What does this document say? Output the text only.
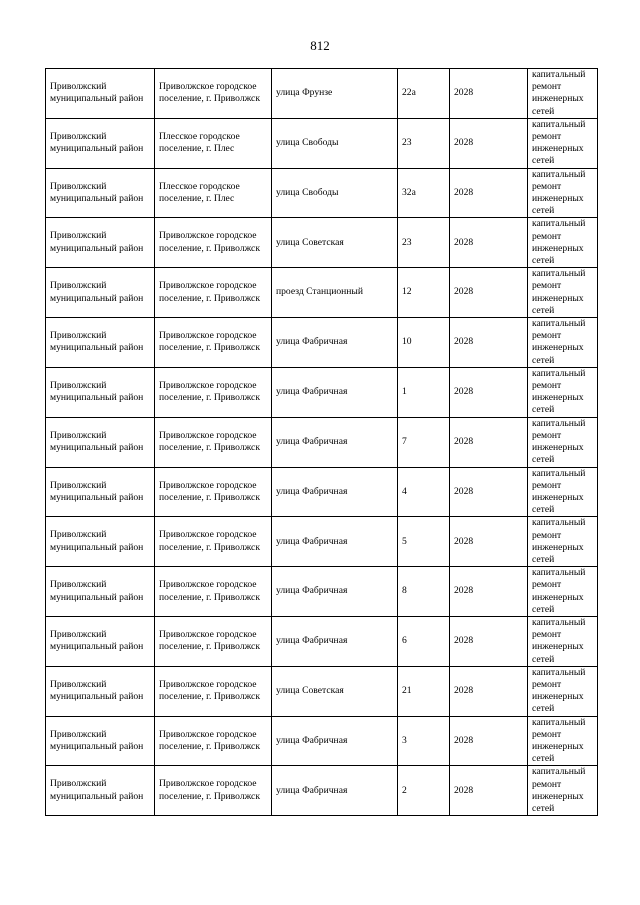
812
Приволжский муниципальный район	Приволжское городское поселение, г. Приволжск	улица Фрунзе	22а	2028	капитальный ремонт инженерных сетей
Приволжский муниципальный район	Плесское городское поселение, г. Плес	улица Свободы	23	2028	капитальный ремонт инженерных сетей
Приволжский муниципальный район	Плесское городское поселение, г. Плес	улица Свободы	32а	2028	капитальный ремонт инженерных сетей
Приволжский муниципальный район	Приволжское городское поселение, г. Приволжск	улица Советская	23	2028	капитальный ремонт инженерных сетей
Приволжский муниципальный район	Приволжское городское поселение, г. Приволжск	проезд Станционный	12	2028	капитальный ремонт инженерных сетей
Приволжский муниципальный район	Приволжское городское поселение, г. Приволжск	улица Фабричная	10	2028	капитальный ремонт инженерных сетей
Приволжский муниципальный район	Приволжское городское поселение, г. Приволжск	улица Фабричная	1	2028	капитальный ремонт инженерных сетей
Приволжский муниципальный район	Приволжское городское поселение, г. Приволжск	улица Фабричная	7	2028	капитальный ремонт инженерных сетей
Приволжский муниципальный район	Приволжское городское поселение, г. Приволжск	улица Фабричная	4	2028	капитальный ремонт инженерных сетей
Приволжский муниципальный район	Приволжское городское поселение, г. Приволжск	улица Фабричная	5	2028	капитальный ремонт инженерных сетей
Приволжский муниципальный район	Приволжское городское поселение, г. Приволжск	улица Фабричная	8	2028	капитальный ремонт инженерных сетей
Приволжский муниципальный район	Приволжское городское поселение, г. Приволжск	улица Фабричная	6	2028	капитальный ремонт инженерных сетей
Приволжский муниципальный район	Приволжское городское поселение, г. Приволжск	улица Советская	21	2028	капитальный ремонт инженерных сетей
Приволжский муниципальный район	Приволжское городское поселение, г. Приволжск	улица Фабричная	3	2028	капитальный ремонт инженерных сетей
Приволжский муниципальный район	Приволжское городское поселение, г. Приволжск	улица Фабричная	2	2028	капитальный ремонт инженерных сетей
